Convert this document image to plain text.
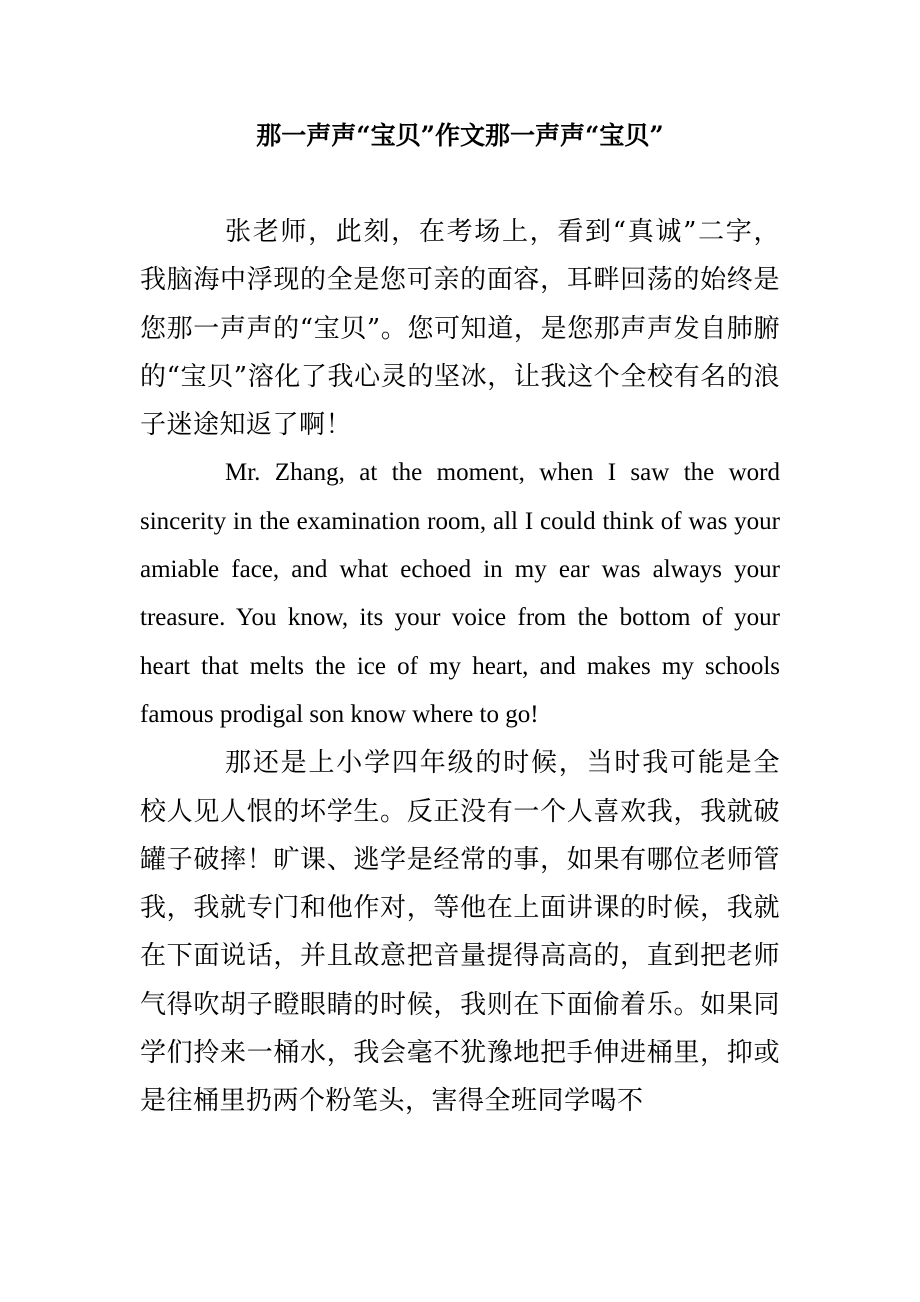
那一声声“宝贝”作文那一声声“宝贝”

张老师，此刻，在考场上，看到“真诚”二字，我脑海中浮现的全是您可亲的面容，耳畔回荡的始终是您那一声声的“宝贝”。您可知道，是您那声声发自肺腑的“宝贝”溶化了我心灵的坚冰，让我这个全校有名的浪子迷途知返了啊！

Mr. Zhang, at the moment, when I saw the word sincerity in the examination room, all I could think of was your amiable face, and what echoed in my ear was always your treasure. You know, its your voice from the bottom of your heart that melts the ice of my heart, and makes my schools famous prodigal son know where to go!

那还是上小学四年级的时候，当时我可能是全校人见人恨的坏学生。反正没有一个人喜欢我，我就破罐子破摔！旷课、逃学是经常的事，如果有哪位老师管我，我就专门和他作对，等他在上面讲课的时候，我就在下面说话，并且故意把音量提得高高的，直到把老师气得吹胡子瞪眼睛的时候，我则在下面偷着乐。如果同学们拎来一桶水，我会毫不犹豫地把手伸进桶里，抑或是往桶里扔两个粉笔头，害得全班同学喝不
